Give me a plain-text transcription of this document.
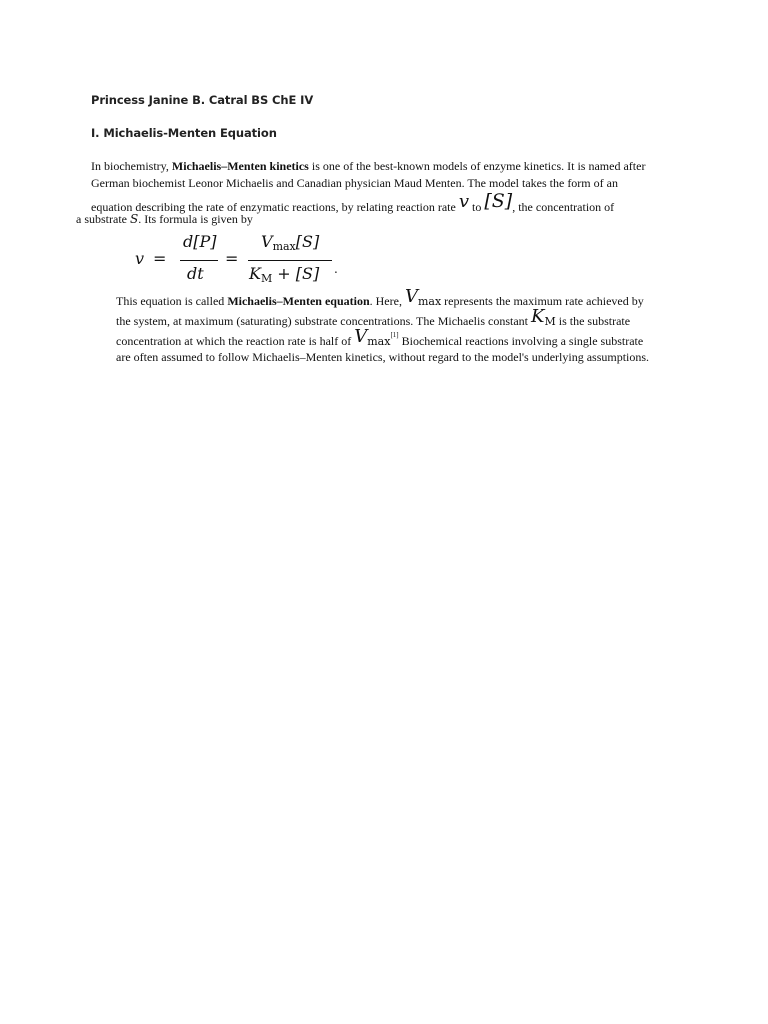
Princess Janine B. Catral BS ChE IV
I. Michaelis-Menten Equation
In biochemistry, Michaelis–Menten kinetics is one of the best-known models of enzyme kinetics. It is named after
German biochemist Leonor Michaelis and Canadian physician Maud Menten. The model takes the form of an
equation describing the rate of enzymatic reactions, by relating reaction rate v to [S], the concentration of
a substrate S. Its formula is given by
v =
d[P]
dt
=
Vmax[S]
KM + [S] .
This equation is called Michaelis–Menten equation. Here, Vmax represents the maximum rate achieved by
the system, at maximum (saturating) substrate concentrations. The Michaelis constant KM is the substrate
concentration at which the reaction rate is half of Vmax[1] Biochemical reactions involving a single substrate
are often assumed to follow Michaelis–Menten kinetics, without regard to the model's underlying assumptions.
